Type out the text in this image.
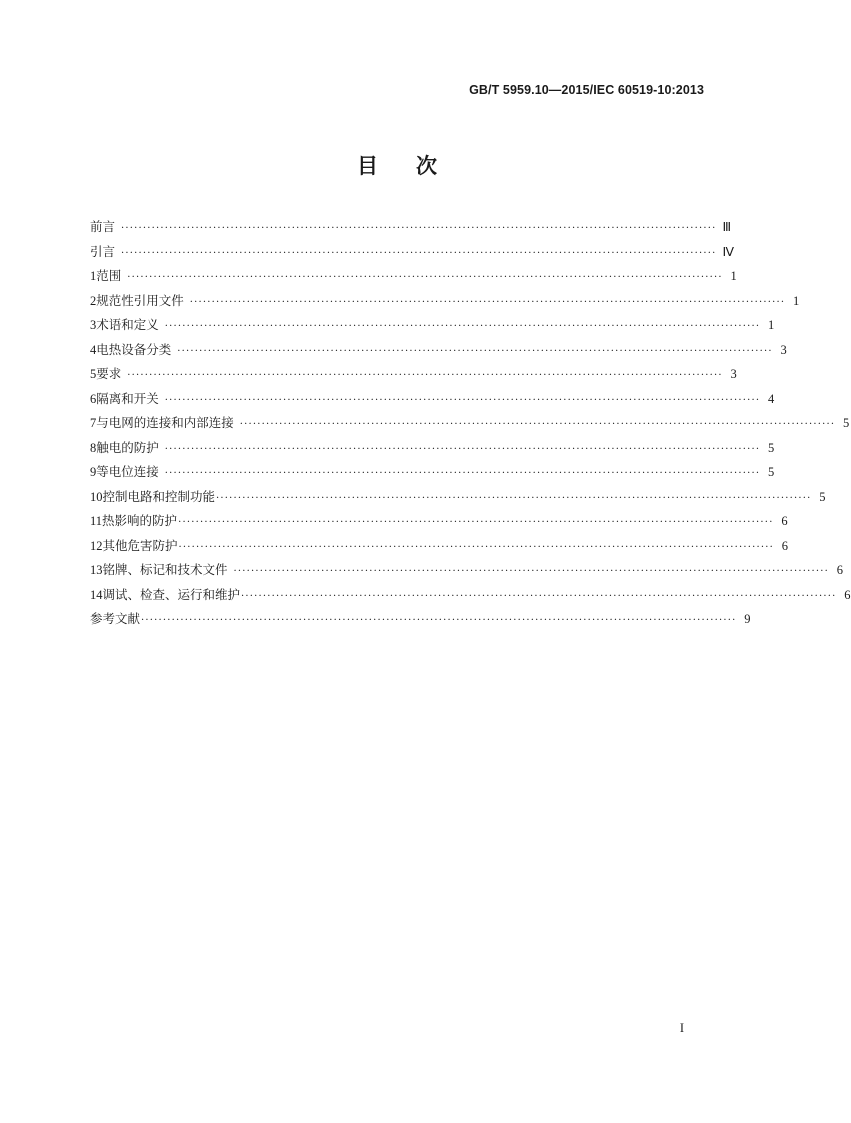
GB/T 5959.10—2015/IEC 60519-10:2013
目 次
前言 ········································································································································ Ⅲ
引言 ········································································································································ Ⅳ
1 范围 ········································································································································ 1
2 规范性引用文件 ········································································································································ 1
3 术语和定义 ········································································································································ 1
4 电热设备分类 ········································································································································ 3
5 要求 ········································································································································ 3
6 隔离和开关 ········································································································································ 4
7 与电网的连接和内部连接 ········································································································································ 5
8 触电的防护 ········································································································································ 5
9 等电位连接 ········································································································································ 5
10 控制电路和控制功能 ········································································································································ 5
11 热影响的防护 ········································································································································ 6
12 其他危害防护 ········································································································································ 6
13 铭牌、标记和技术文件 ········································································································································ 6
14 调试、检查、运行和维护 ········································································································································ 6
参考文献 ········································································································································ 9
I
